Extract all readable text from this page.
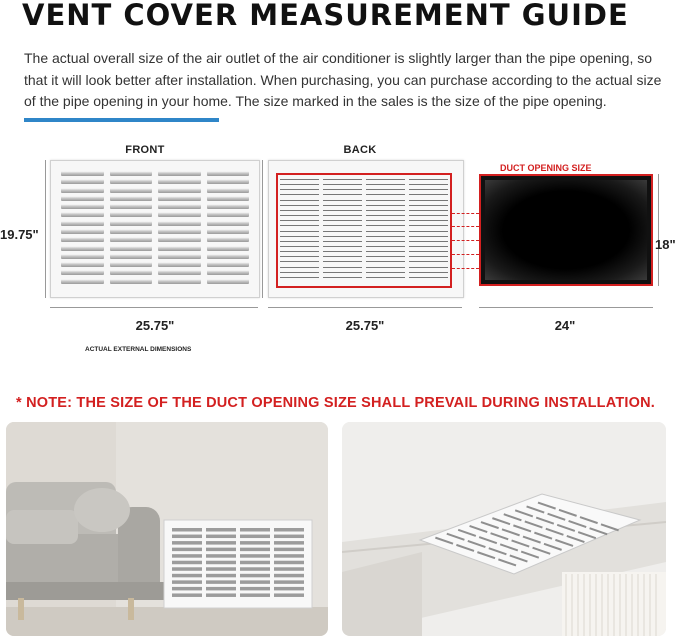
VENT COVER MEASUREMENT GUIDE

The actual overall size of the air outlet of the air conditioner is slightly larger than the pipe opening, so that it will look better after installation. When purchasing, you can purchase according to the actual size of the pipe opening in your home. The size marked in the sales is the size of the pipe opening.

FRONT
19.75"
25.75"
ACTUAL EXTERNAL DIMENSIONS
BACK
25.75"
DUCT OPENING SIZE
18"
24"

* NOTE: THE SIZE OF THE DUCT OPENING SIZE SHALL PREVAIL DURING INSTALLATION.
